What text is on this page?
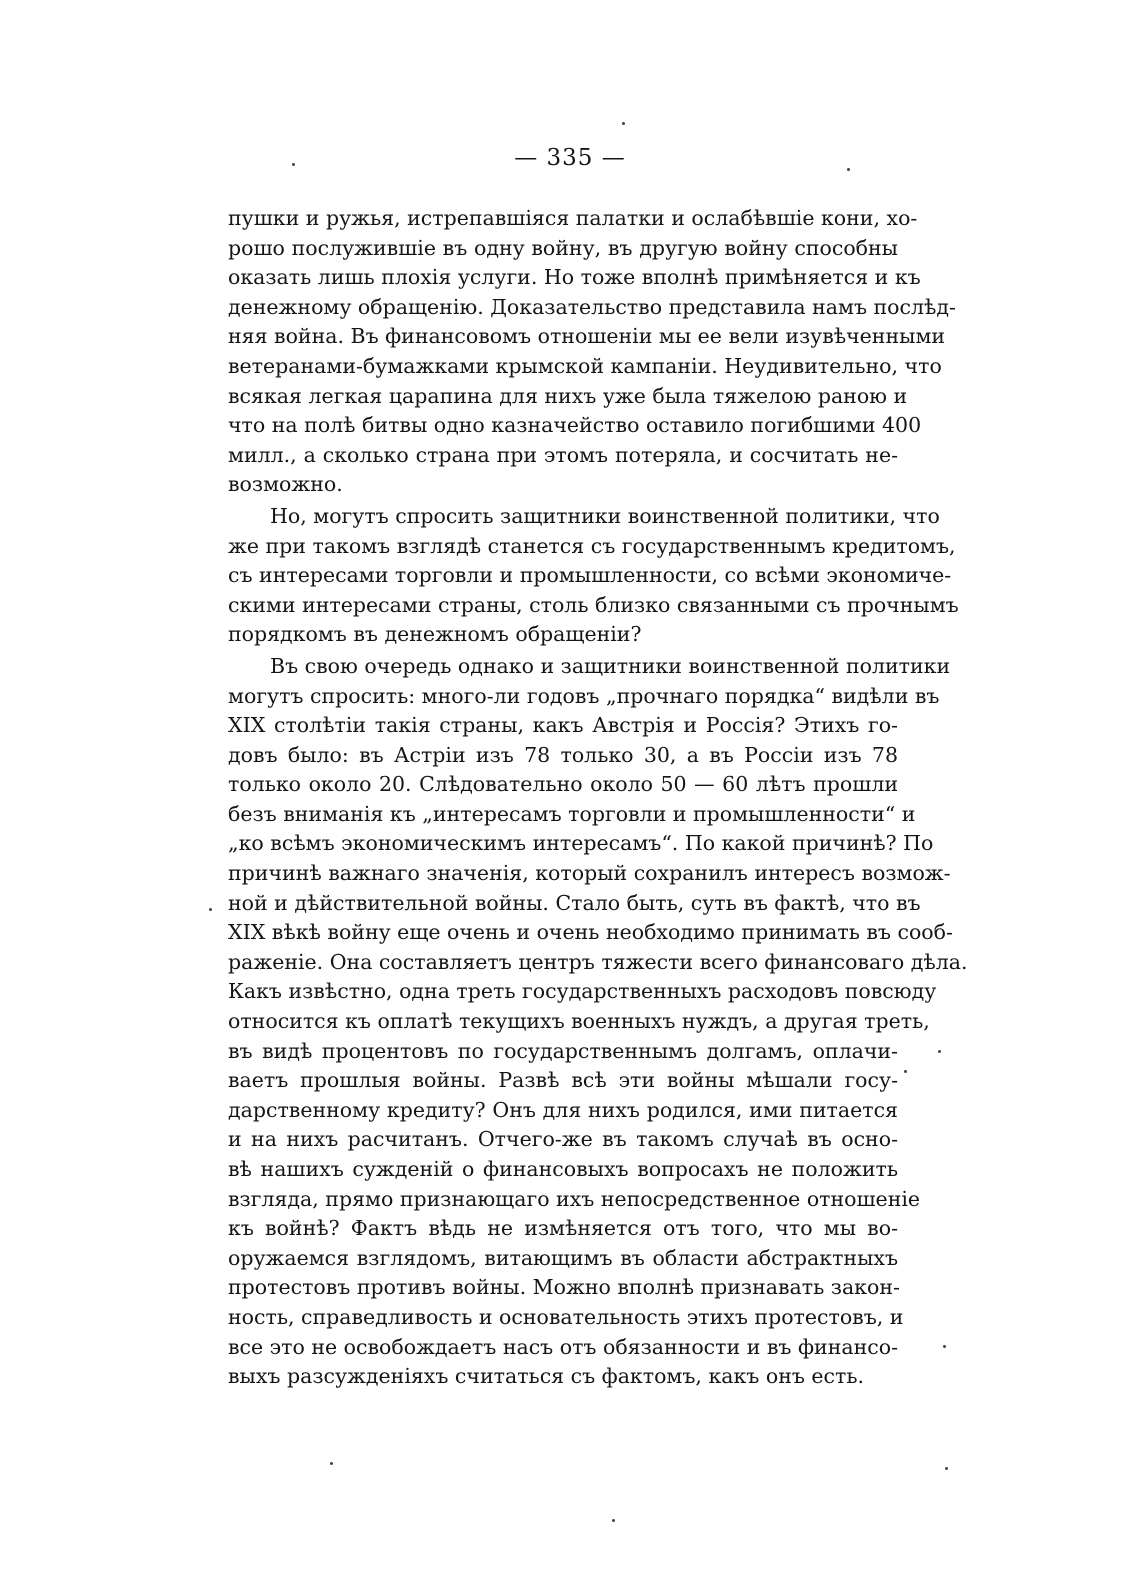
— 335 —
пушки и ружья, истрепавшіяся палатки и ослабѣвшіе кони, хо-
рошо послужившіе въ одну войну, въ другую войну способны
оказать лишь плохія услуги. Но тоже вполнѣ примѣняется и къ
денежному обращенію. Доказательство представила намъ послѣд-
няя война. Въ финансовомъ отношеніи мы ее вели изувѣченными
ветеранами-бумажками крымской кампаніи. Неудивительно, что
всякая легкая царапина для нихъ уже была тяжелою раною и
что на полѣ битвы одно казначейство оставило погибшими 400
милл., а сколько страна при этомъ потеряла, и сосчитать не-
возможно.
Но, могутъ спросить защитники воинственной политики, что
же при такомъ взглядѣ станется съ государственнымъ кредитомъ,
съ интересами торговли и промышленности, со всѣми экономиче-
скими интересами страны, столь близко связанными съ прочнымъ
порядкомъ въ денежномъ обращеніи?
Въ свою очередь однако и защитники воинственной политики
могутъ спросить: много-ли годовъ „прочнаго порядка“ видѣли въ
XIX столѣтіи такія страны, какъ Австрія и Россія? Этихъ го-
довъ было: въ Астріи изъ 78 только 30, а въ Россіи изъ 78
только около 20. Слѣдовательно около 50 — 60 лѣтъ прошли
безъ вниманія къ „интересамъ торговли и промышленности“ и
„ко всѣмъ экономическимъ интересамъ“. По какой причинѣ? По
причинѣ важнаго значенія, который сохранилъ интересъ возмож-
ной и дѣйствительной войны. Стало быть, суть въ фактѣ, что въ
XIX вѣкѣ войну еще очень и очень необходимо принимать въ сооб-
раженіе. Она составляетъ центръ тяжести всего финансоваго дѣла.
Какъ извѣстно, одна треть государственныхъ расходовъ повсюду
относится къ оплатѣ текущихъ военныхъ нуждъ, а другая треть,
въ видѣ процентовъ по государственнымъ долгамъ, оплачи-
ваетъ прошлыя войны. Развѣ всѣ эти войны мѣшали госу-
дарственному кредиту? Онъ для нихъ родился, ими питается
и на нихъ расчитанъ. Отчего-же въ такомъ случаѣ въ осно-
вѣ нашихъ сужденій о финансовыхъ вопросахъ не положить
взгляда, прямо признающаго ихъ непосредственное отношеніе
къ войнѣ? Фактъ вѣдь не измѣняется отъ того, что мы во-
оружаемся взглядомъ, витающимъ въ области абстрактныхъ
протестовъ противъ войны. Можно вполнѣ признавать закон-
ность, справедливость и основательность этихъ протестовъ, и
все это не освобождаетъ насъ отъ обязанности и въ финансо-
выхъ разсужденіяхъ считаться съ фактомъ, какъ онъ есть.
